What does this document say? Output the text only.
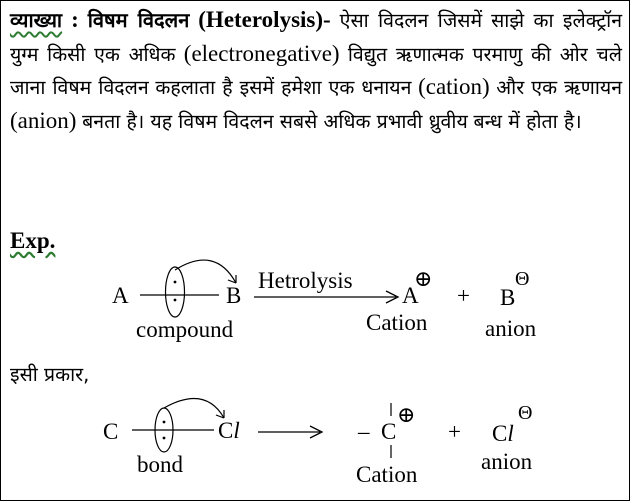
व्याख्या : विषम विदलन (Heterolysis)- ऐसा विदलन जिसमें साझे का इलेक्ट्रॉन युग्म किसी एक अधिक (electronegative) विद्युत ऋणात्मक परमाणु की ओर चले जाना विषम विदलन कहलाता है इसमें हमेशा एक धनायन (cation) और एक ऋणायन (anion) बनता है। यह विषम विदलन सबसे अधिक प्रभावी ध्रुवीय बन्ध में होता है।
Exp.
A	B
Hetrolysis
A
⊕
+ B
Θ
compound	Cation	anion
इसी प्रकार,
C	Cl	– C
⊕
+ Cl
Θ
bond	Cation
anion
